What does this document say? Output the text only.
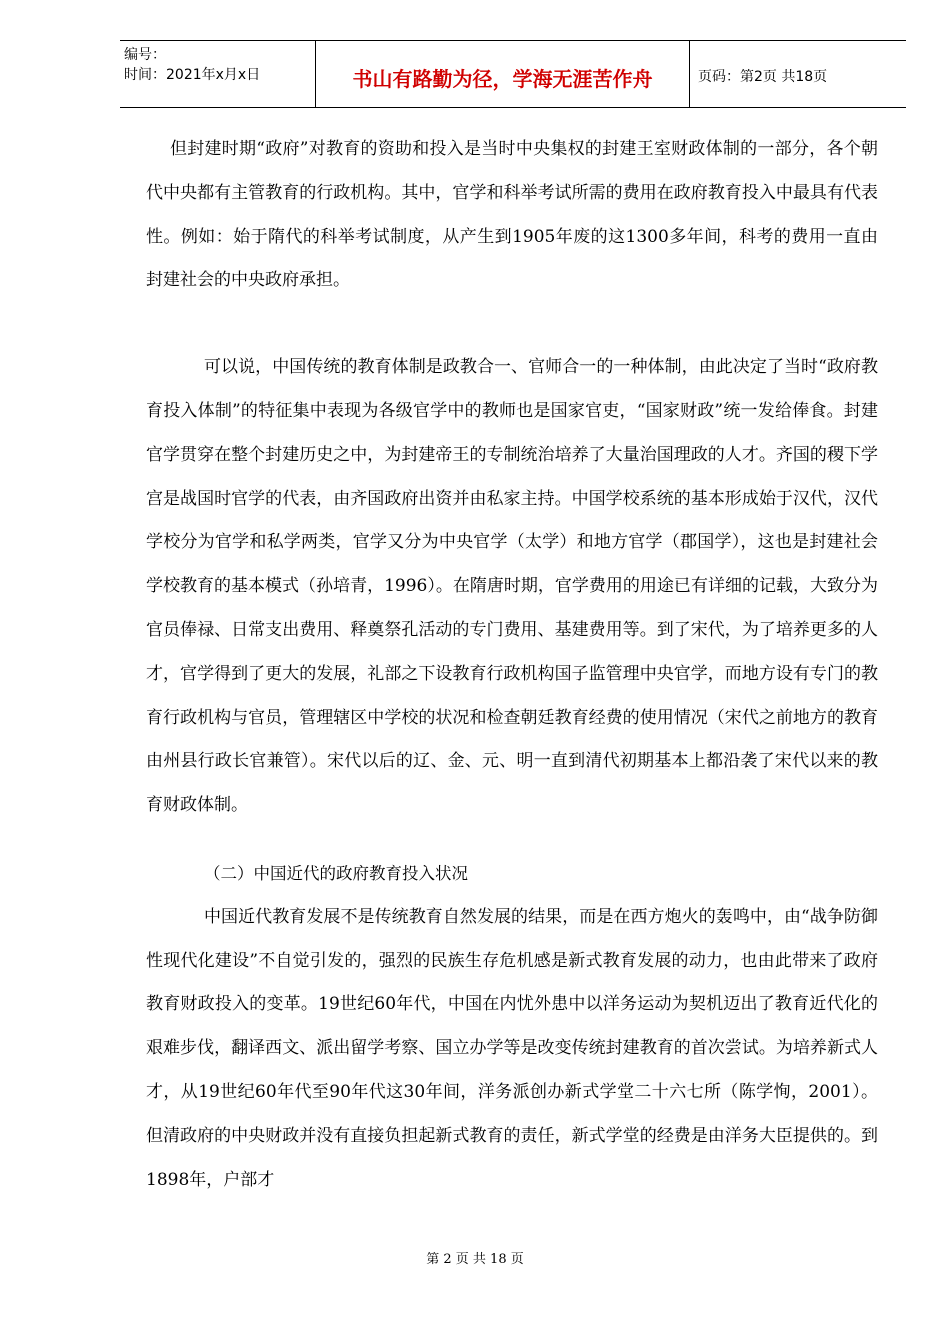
编号：
时间：2021年x月x日	书山有路勤为径，学海无涯苦作舟	页码：第2页 共18页

但封建时期“政府”对教育的资助和投入是当时中央集权的封建王室财政体制的一部分，各个朝代中央都有主管教育的行政机构。其中，官学和科举考试所需的费用在政府教育投入中最具有代表性。例如：始于隋代的科举考试制度，从产生到1905年废的这1300多年间，科考的费用一直由封建社会的中央政府承担。

可以说，中国传统的教育体制是政教合一、官师合一的一种体制，由此决定了当时“政府教育投入体制”的特征集中表现为各级官学中的教师也是国家官吏，“国家财政”统一发给俸食。封建官学贯穿在整个封建历史之中，为封建帝王的专制统治培养了大量治国理政的人才。齐国的稷下学宫是战国时官学的代表，由齐国政府出资并由私家主持。中国学校系统的基本形成始于汉代，汉代学校分为官学和私学两类，官学又分为中央官学（太学）和地方官学（郡国学），这也是封建社会学校教育的基本模式（孙培青，1996）。在隋唐时期，官学费用的用途已有详细的记载，大致分为官员俸禄、日常支出费用、释奠祭孔活动的专门费用、基建费用等。到了宋代，为了培养更多的人才，官学得到了更大的发展，礼部之下设教育行政机构国子监管理中央官学，而地方设有专门的教育行政机构与官员，管理辖区中学校的状况和检查朝廷教育经费的使用情况（宋代之前地方的教育由州县行政长官兼管）。宋代以后的辽、金、元、明一直到清代初期基本上都沿袭了宋代以来的教育财政体制。

（二）中国近代的政府教育投入状况

中国近代教育发展不是传统教育自然发展的结果，而是在西方炮火的轰鸣中，由“战争防御性现代化建设”不自觉引发的，强烈的民族生存危机感是新式教育发展的动力，也由此带来了政府教育财政投入的变革。19世纪60年代，中国在内忧外患中以洋务运动为契机迈出了教育近代化的艰难步伐，翻译西文、派出留学考察、国立办学等是改变传统封建教育的首次尝试。为培养新式人才，从19世纪60年代至90年代这30年间，洋务派创办新式学堂二十六七所（陈学恂，2001）。但清政府的中央财政并没有直接负担起新式教育的责任，新式学堂的经费是由洋务大臣提供的。到1898年，户部才

第 2 页 共 18 页
